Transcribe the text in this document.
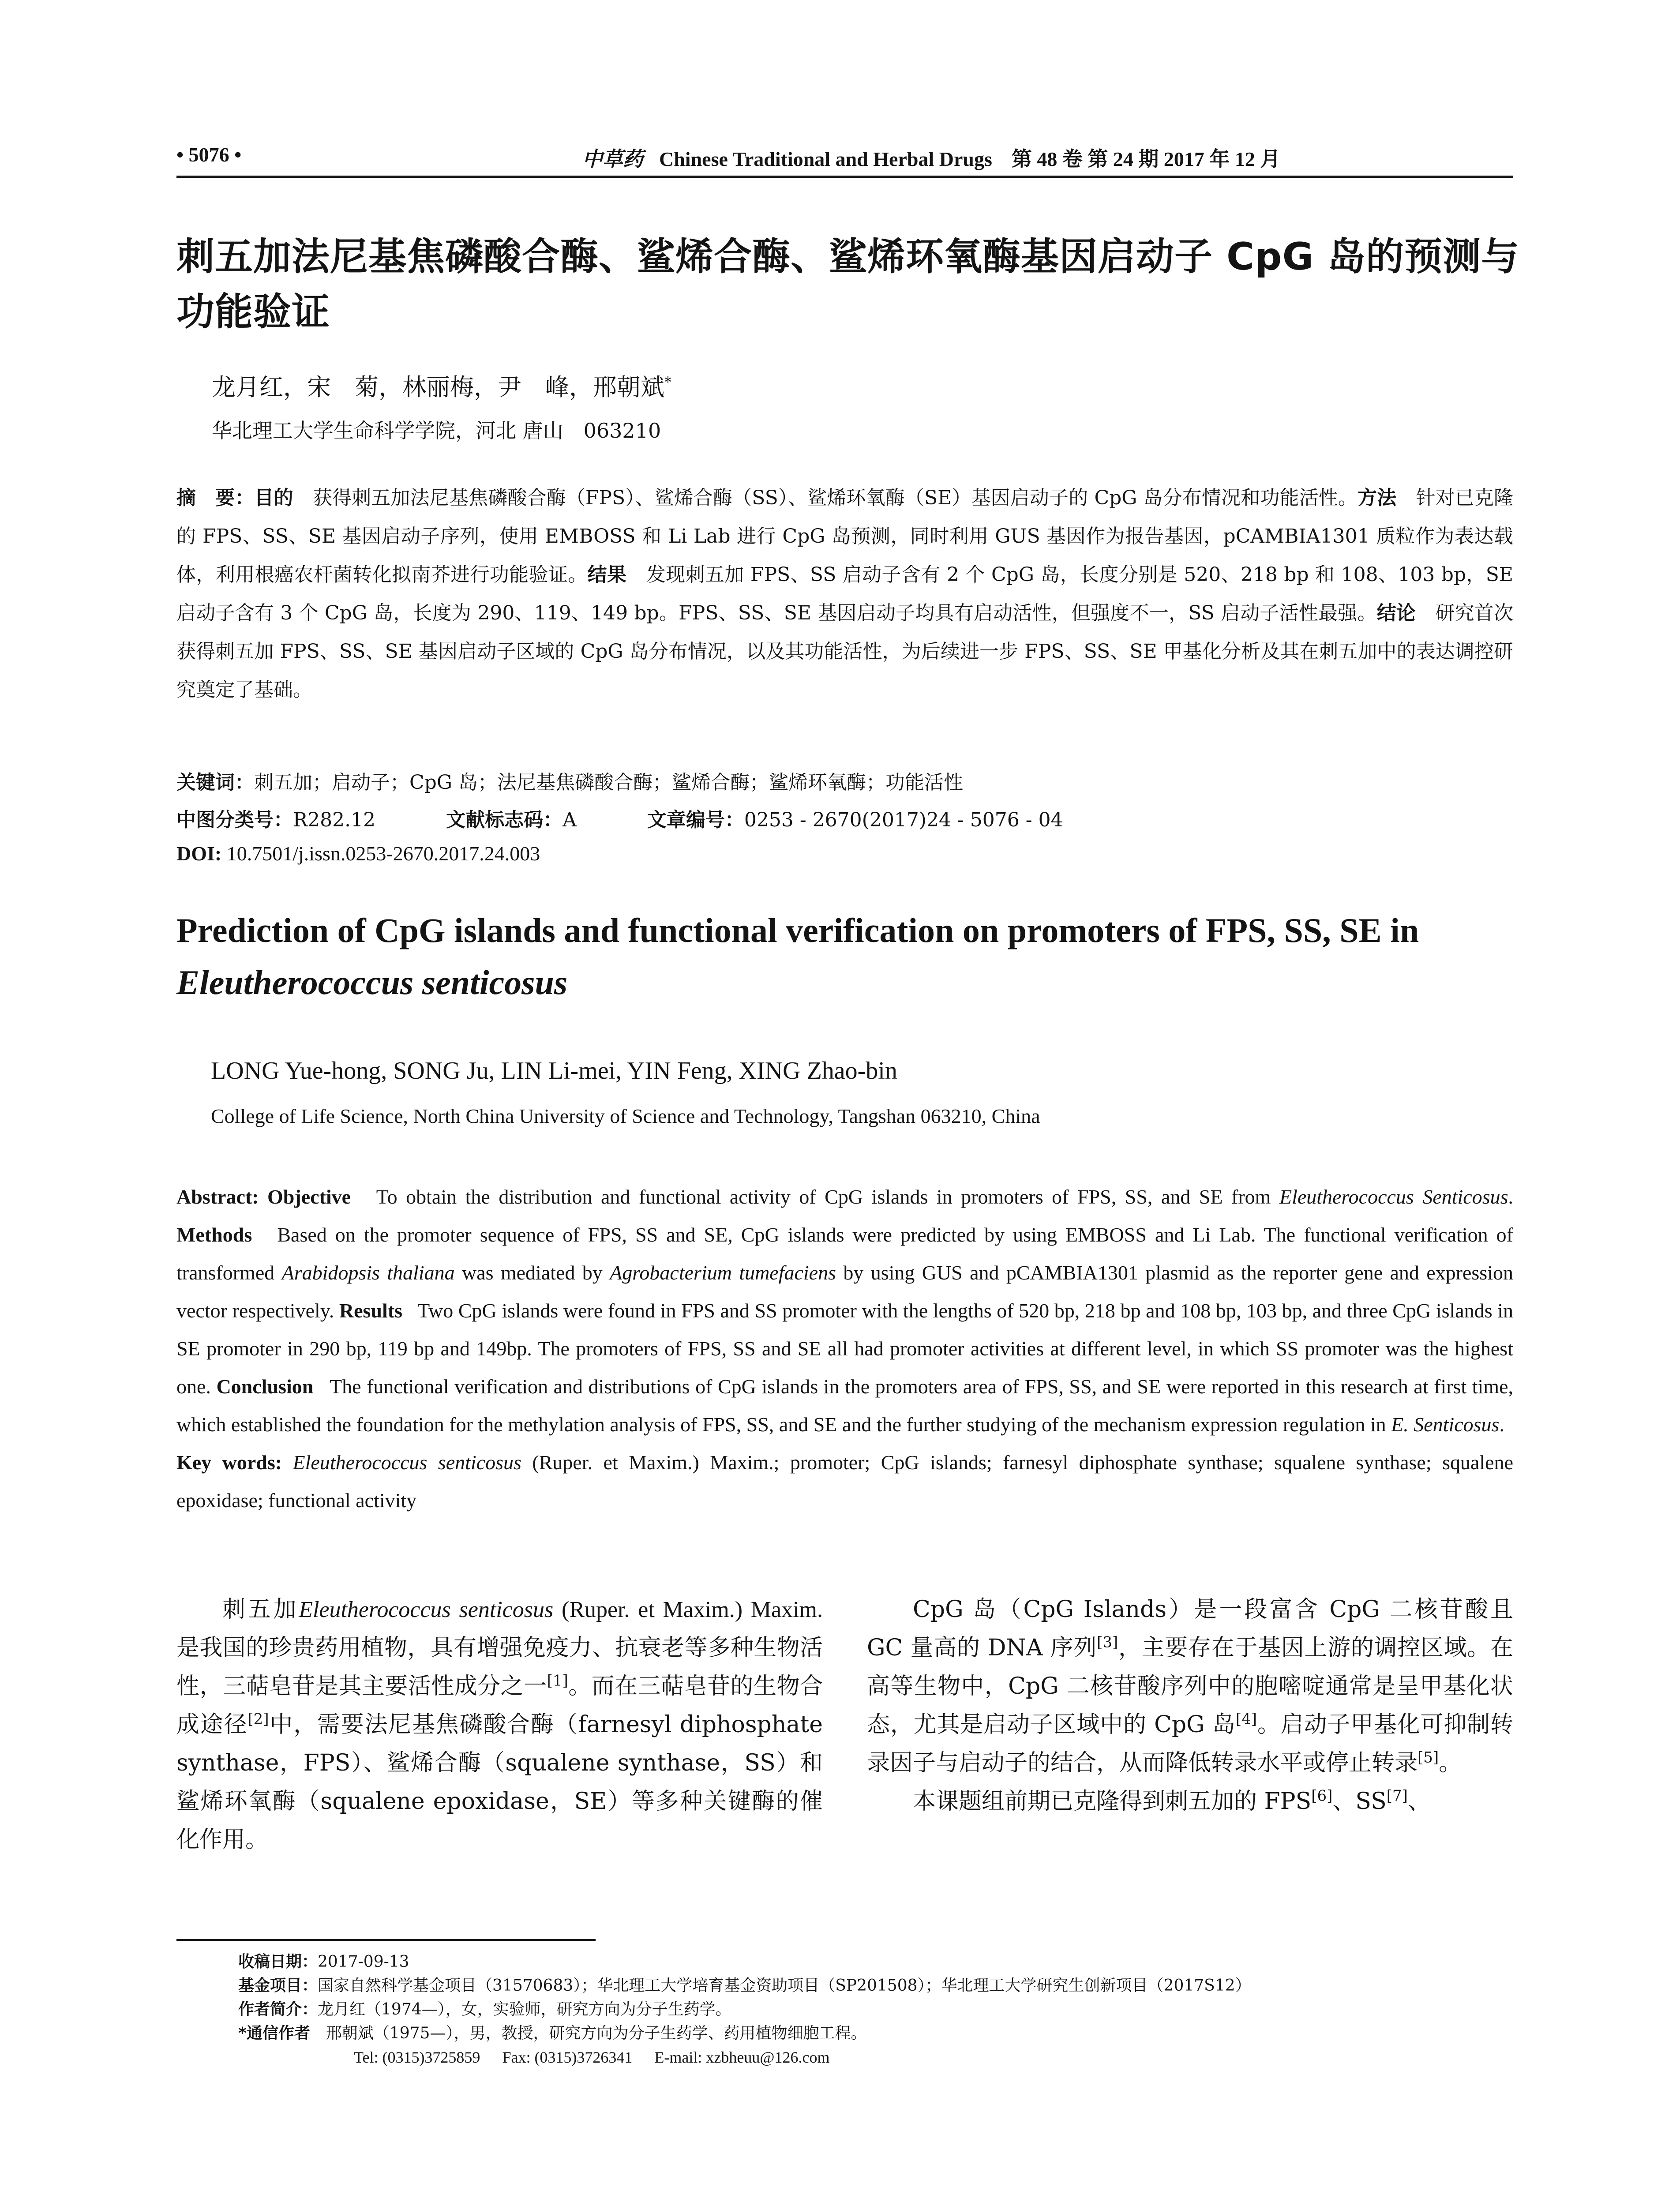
• 5076 •	中草药 Chinese Traditional and Herbal Drugs 第 48 卷 第 24 期 2017 年 12 月
刺五加法尼基焦磷酸合酶、鲨烯合酶、鲨烯环氧酶基因启动子 CpG 岛的预测与功能验证
龙月红，宋　菊，林丽梅，尹　峰，邢朝斌*
华北理工大学生命科学学院，河北 唐山　063210
摘　要：目的　 获得刺五加法尼基焦磷酸合酶（FPS）、鲨烯合酶（SS）、鲨烯环氧酶（SE）基因启动子的 CpG 岛分布情况和功能活性。方法　 针对已克隆的 FPS、SS、SE 基因启动子序列，使用 EMBOSS 和 Li Lab 进行 CpG 岛预测，同时利用 GUS 基因作为报告基因，pCAMBIA1301 质粒作为表达载体，利用根癌农杆菌转化拟南芥进行功能验证。结果　 发现刺五加 FPS、SS 启动子含有 2 个 CpG 岛，长度分别是 520、218 bp 和 108、103 bp，SE 启动子含有 3 个 CpG 岛，长度为 290、119、149 bp。FPS、SS、SE 基因启动子均具有启动活性，但强度不一，SS 启动子活性最强。结论　 研究首次获得刺五加 FPS、SS、SE 基因启动子区域的 CpG 岛分布情况，以及其功能活性，为后续进一步 FPS、SS、SE 甲基化分析及其在刺五加中的表达调控研究奠定了基础。
关键词：刺五加；启动子；CpG 岛；法尼基焦磷酸合酶；鲨烯合酶；鲨烯环氧酶；功能活性
中图分类号：R282.12	文献标志码：A	文章编号：0253 - 2670(2017)24 - 5076 - 04
DOI: 10.7501/j.issn.0253-2670.2017.24.003
Prediction of CpG islands and functional verification on promoters of FPS, SS, SE in Eleutherococcus senticosus
LONG Yue-hong, SONG Ju, LIN Li-mei, YIN Feng, XING Zhao-bin
College of Life Science, North China University of Science and Technology, Tangshan 063210, China
Abstract: Objective To obtain the distribution and functional activity of CpG islands in promoters of FPS, SS, and SE from Eleutherococcus Senticosus. Methods Based on the promoter sequence of FPS, SS and SE, CpG islands were predicted by using EMBOSS and Li Lab. The functional verification of transformed Arabidopsis thaliana was mediated by Agrobacterium tumefaciens by using GUS and pCAMBIA1301 plasmid as the reporter gene and expression vector respectively. Results Two CpG islands were found in FPS and SS promoter with the lengths of 520 bp, 218 bp and 108 bp, 103 bp, and three CpG islands in SE promoter in 290 bp, 119 bp and 149bp. The promoters of FPS, SS and SE all had promoter activities at different level, in which SS promoter was the highest one. Conclusion The functional verification and distributions of CpG islands in the promoters area of FPS, SS, and SE were reported in this research at first time, which established the foundation for the methylation analysis of FPS, SS, and SE and the further studying of the mechanism expression regulation in E. Senticosus.
Key words: Eleutherococcus senticosus (Ruper. et Maxim.) Maxim.; promoter; CpG islands; farnesyl diphosphate synthase; squalene synthase; squalene epoxidase; functional activity

刺五加Eleutherococcus senticosus (Ruper. et Maxim.) Maxim. 是我国的珍贵药用植物，具有增强免疫力、抗衰老等多种生物活性，三萜皂苷是其主要活性成分之一[1]。而在三萜皂苷的生物合成途径[2]中，需要法尼基焦磷酸合酶（farnesyl diphosphate synthase，FPS）、鲨烯合酶（squalene synthase，SS）和鲨烯环氧酶（squalene epoxidase，SE）等多种关键酶的催化作用。

CpG 岛（CpG Islands）是一段富含 CpG 二核苷酸且 GC 量高的 DNA 序列[3]，主要存在于基因上游的调控区域。在高等生物中，CpG 二核苷酸序列中的胞嘧啶通常是呈甲基化状态，尤其是启动子区域中的 CpG 岛[4]。启动子甲基化可抑制转录因子与启动子的结合，从而降低转录水平或停止转录[5]。

本课题组前期已克隆得到刺五加的 FPS[6]、SS[7]、

收稿日期：2017-09-13
基金项目：国家自然科学基金项目（31570683）；华北理工大学培育基金资助项目（SP201508）；华北理工大学研究生创新项目（2017S12）
作者简介：龙月红（1974—），女，实验师，研究方向为分子生药学。
*通信作者　 邢朝斌（1975—），男，教授，研究方向为分子生药学、药用植物细胞工程。
Tel: (0315)3725859 Fax: (0315)3726341 E-mail: xzbheuu@126.com
